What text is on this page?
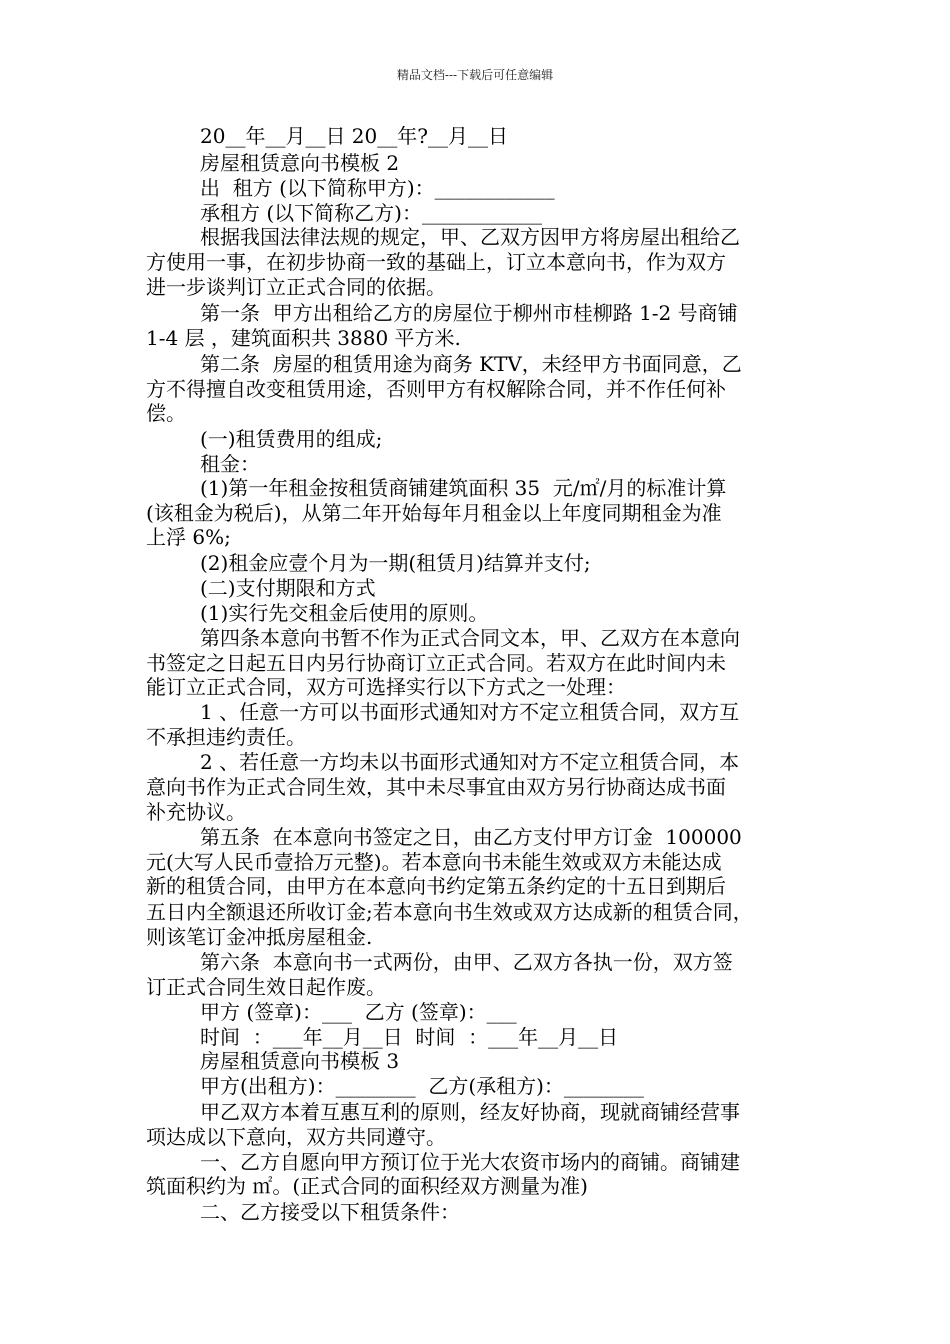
精品文档---下载后可任意编辑
20__年__月__日 20__年?__月__日
房屋租赁意向书模板 2
出  租方 (以下简称甲方)：____________
承租方 (以下简称乙方)：____________
根据我国法律法规的规定，甲、乙双方因甲方将房屋出租给乙
方使用一事，在初步协商一致的基础上，订立本意向书，作为双方
进一步谈判订立正式合同的依据。
第一条  甲方出租给乙方的房屋位于柳州市桂柳路 1-2 号商铺
1-4 层 ，建筑面积共 3880 平方米.
第二条  房屋的租赁用途为商务 KTV，未经甲方书面同意，乙
方不得擅自改变租赁用途，否则甲方有权解除合同，并不作任何补
偿。
(一)租赁费用的组成;
租金：
(1)第一年租金按租赁商铺建筑面积 35  元/㎡/月的标准计算
(该租金为税后)，从第二年开始每年月租金以上年度同期租金为准
上浮 6%;
(2)租金应壹个月为一期(租赁月)结算并支付;
(二)支付期限和方式
(1)实行先交租金后使用的原则。
第四条本意向书暂不作为正式合同文本，甲、乙双方在本意向
书签定之日起五日内另行协商订立正式合同。若双方在此时间内未
能订立正式合同，双方可选择实行以下方式之一处理：
1 、任意一方可以书面形式通知对方不定立租赁合同，双方互
不承担违约责任。
2 、若任意一方均未以书面形式通知对方不定立租赁合同，本
意向书作为正式合同生效，其中未尽事宜由双方另行协商达成书面
补充协议。
第五条  在本意向书签定之日，由乙方支付甲方订金  100000
元(大写人民币壹拾万元整)。若本意向书未能生效或双方未能达成
新的租赁合同，由甲方在本意向书约定第五条约定的十五日到期后
五日内全额退还所收订金;若本意向书生效或双方达成新的租赁合同，
则该笔订金冲抵房屋租金.
第六条  本意向书一式两份，由甲、乙双方各执一份，双方签
订正式合同生效日起作废。
甲方 (签章)：___  乙方 (签章)：___
时间  ：___年__月__日  时间  ：___年__月__日
房屋租赁意向书模板 3
甲方(出租方)：________  乙方(承租方)：________
甲乙双方本着互惠互利的原则，经友好协商，现就商铺经营事
项达成以下意向，双方共同遵守。
一、乙方自愿向甲方预订位于光大农资市场内的商铺。商铺建
筑面积约为 ㎡。(正式合同的面积经双方测量为准)
二、乙方接受以下租赁条件：
